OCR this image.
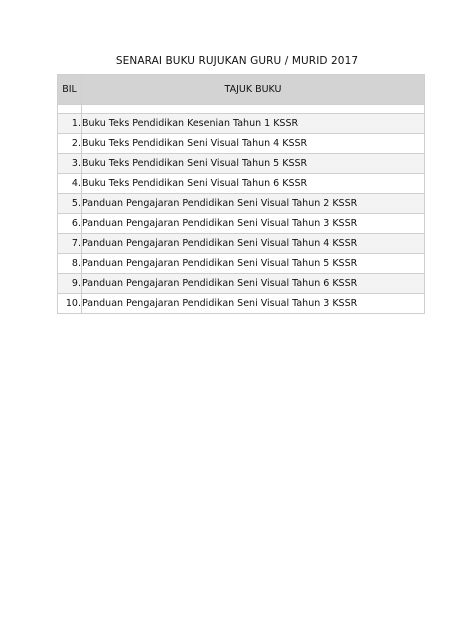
SENARAI BUKU RUJUKAN GURU / MURID 2017
BIL	TAJUK BUKU

1.	Buku Teks Pendidikan Kesenian Tahun 1 KSSR
2.	Buku Teks Pendidikan Seni Visual Tahun 4 KSSR
3.	Buku Teks Pendidikan Seni Visual Tahun 5 KSSR
4.	Buku Teks Pendidikan Seni Visual Tahun 6 KSSR
5.	Panduan Pengajaran Pendidikan Seni Visual Tahun 2 KSSR
6.	Panduan Pengajaran Pendidikan Seni Visual Tahun 3 KSSR
7.	Panduan Pengajaran Pendidikan Seni Visual Tahun 4 KSSR
8.	Panduan Pengajaran Pendidikan Seni Visual Tahun 5 KSSR
9.	Panduan Pengajaran Pendidikan Seni Visual Tahun 6 KSSR
10.	Panduan Pengajaran Pendidikan Seni Visual Tahun 3 KSSR
